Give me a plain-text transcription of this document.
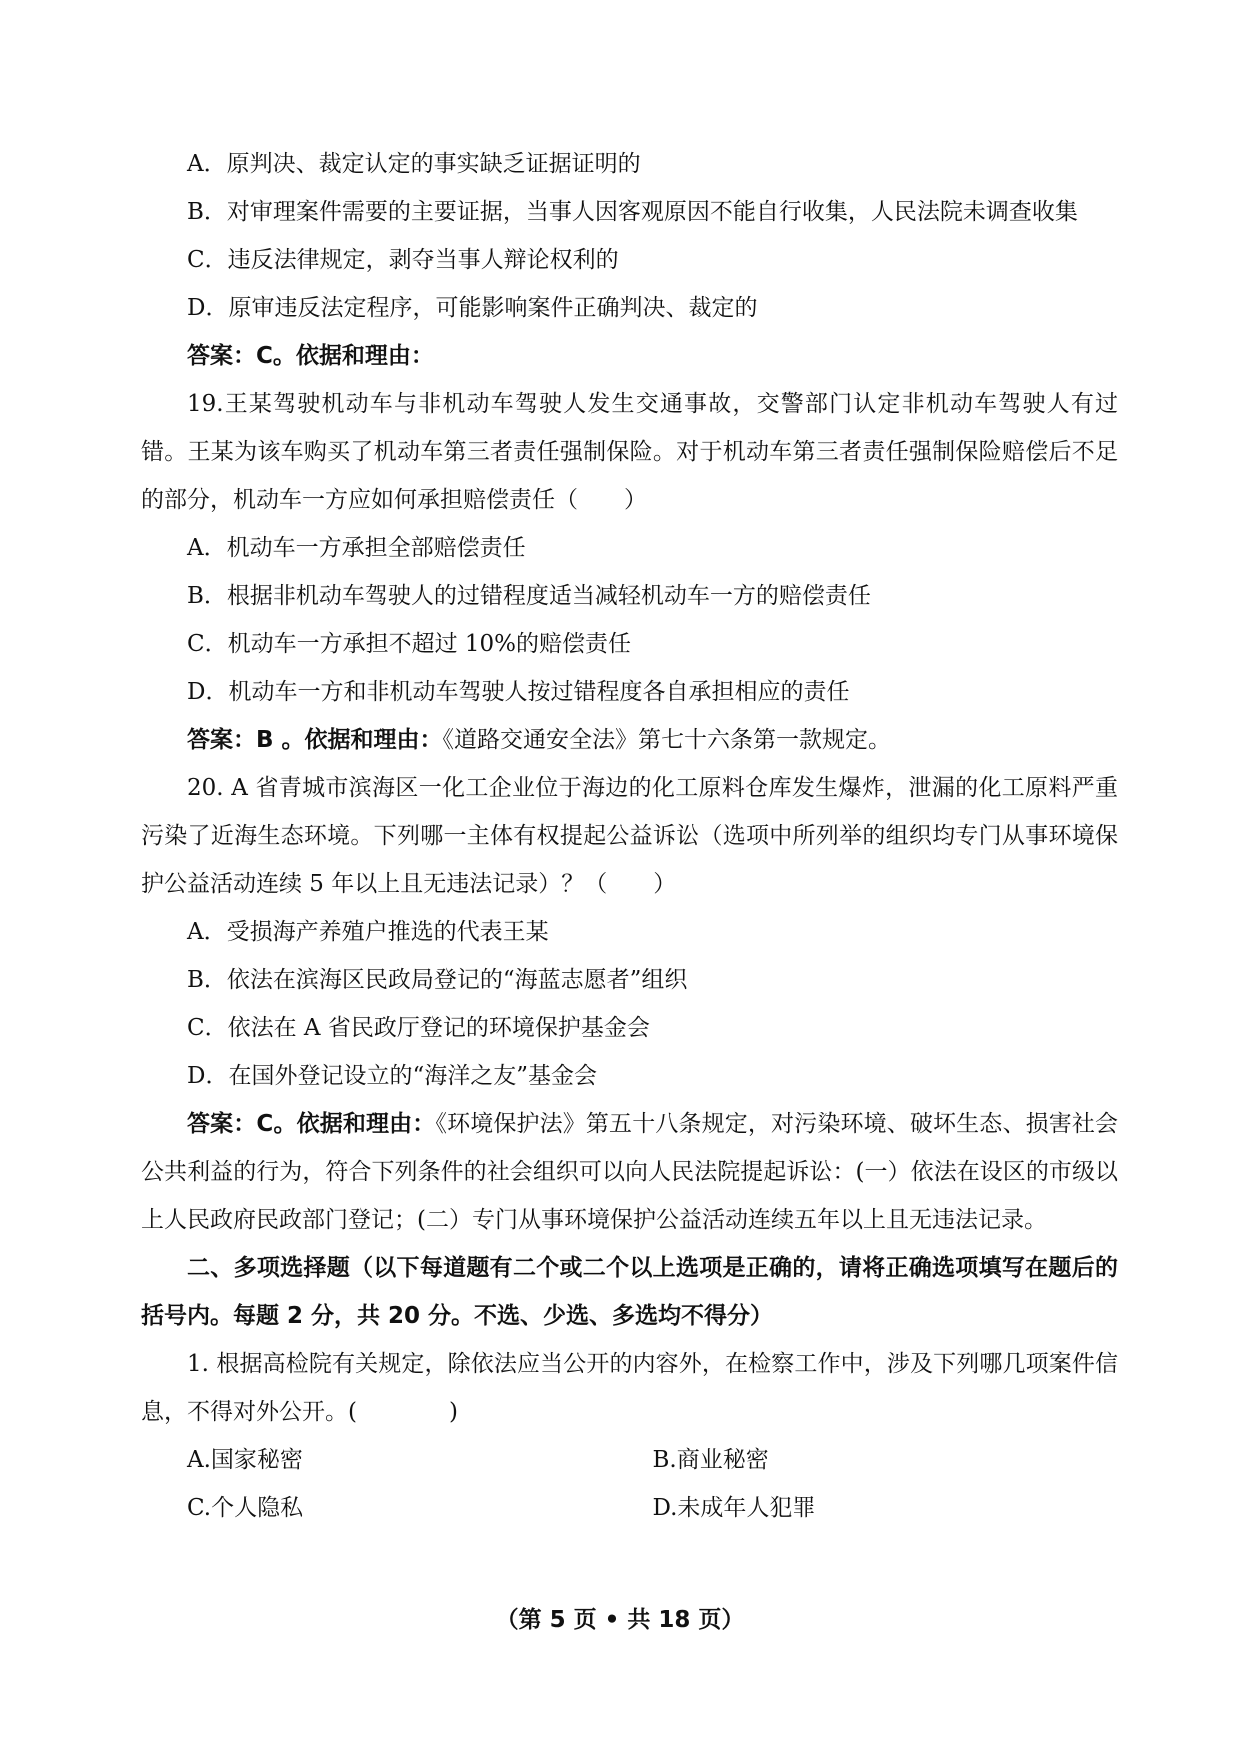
A．原判决、裁定认定的事实缺乏证据证明的

B．对审理案件需要的主要证据，当事人因客观原因不能自行收集，人民法院未调查收集

C．违反法律规定，剥夺当事人辩论权利的

D．原审违反法定程序，可能影响案件正确判决、裁定的

答案：C。依据和理由：

19.王某驾驶机动车与非机动车驾驶人发生交通事故，交警部门认定非机动车驾驶人有过错。王某为该车购买了机动车第三者责任强制保险。对于机动车第三者责任强制保险赔偿后不足的部分，机动车一方应如何承担赔偿责任（　　）

A．机动车一方承担全部赔偿责任

B．根据非机动车驾驶人的过错程度适当减轻机动车一方的赔偿责任

C．机动车一方承担不超过 10%的赔偿责任

D．机动车一方和非机动车驾驶人按过错程度各自承担相应的责任

答案：B 。依据和理由：《道路交通安全法》第七十六条第一款规定。

20. A 省青城市滨海区一化工企业位于海边的化工原料仓库发生爆炸，泄漏的化工原料严重污染了近海生态环境。下列哪一主体有权提起公益诉讼（选项中所列举的组织均专门从事环境保护公益活动连续 5 年以上且无违法记录）？（　　）

A．受损海产养殖户推选的代表王某

B．依法在滨海区民政局登记的“海蓝志愿者”组织

C．依法在 A 省民政厅登记的环境保护基金会

D．在国外登记设立的“海洋之友”基金会

答案：C。依据和理由：《环境保护法》第五十八条规定，对污染环境、破坏生态、损害社会公共利益的行为，符合下列条件的社会组织可以向人民法院提起诉讼：(一）依法在设区的市级以上人民政府民政部门登记；(二）专门从事环境保护公益活动连续五年以上且无违法记录。

二、多项选择题（以下每道题有二个或二个以上选项是正确的，请将正确选项填写在题后的括号内。每题 2 分，共 20 分。不选、少选、多选均不得分）

1. 根据高检院有关规定，除依法应当公开的内容外，在检察工作中，涉及下列哪几项案件信息，不得对外公开。(　　　　)

A.国家秘密	B.商业秘密

C.个人隐私	D.未成年人犯罪

（第 5 页 • 共 18 页）
